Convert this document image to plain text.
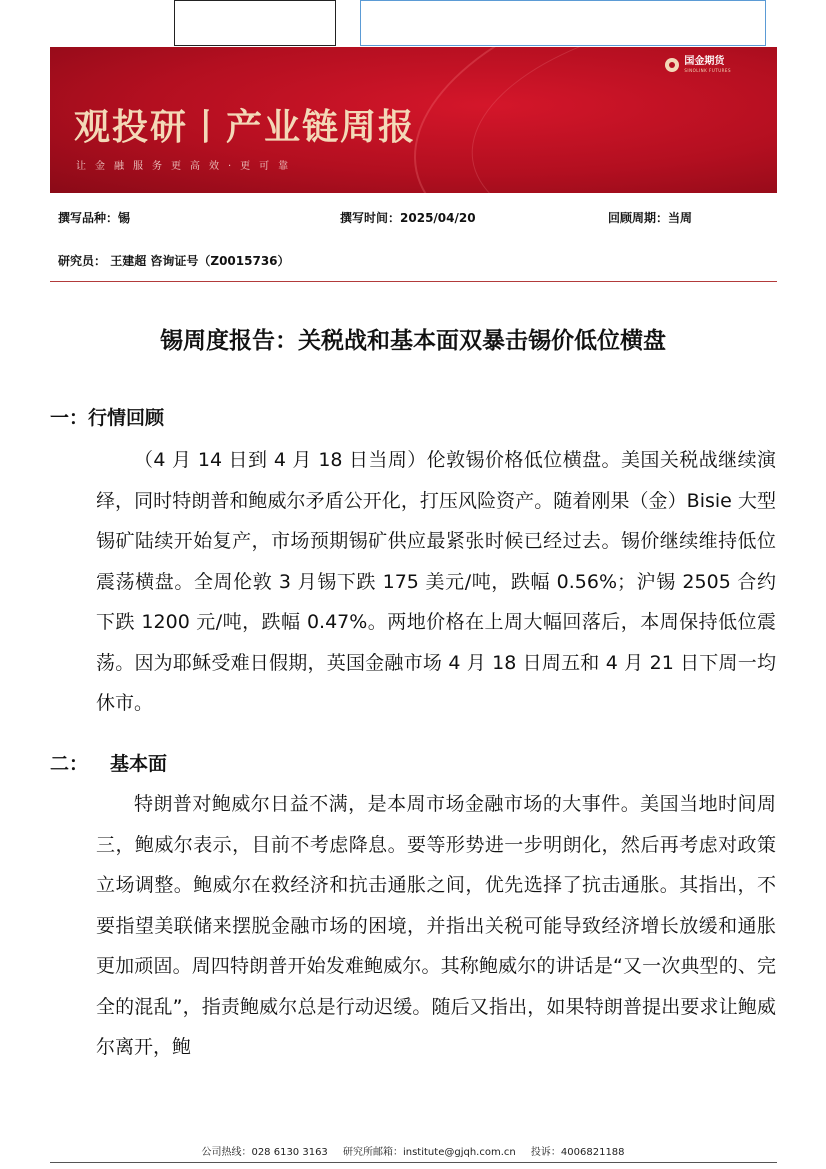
观投研丨产业链周报
让金融服务更高效·更可靠
国金期货
SINOLINK FUTURES
撰写品种：锡	撰写时间：2025/04/20	回顾周期：当周
研究员： 王建超 咨询证号（Z0015736）
锡周度报告：关税战和基本面双暴击锡价低位横盘
一：行情回顾

（4 月 14 日到 4 月 18 日当周）伦敦锡价格低位横盘。美国关税战继续演绎，同时特朗普和鲍威尔矛盾公开化，打压风险资产。随着刚果（金）Bisie 大型锡矿陆续开始复产，市场预期锡矿供应最紧张时候已经过去。锡价继续维持低位震荡横盘。全周伦敦 3 月锡下跌 175 美元/吨，跌幅 0.56%；沪锡 2505 合约下跌 1200 元/吨，跌幅 0.47%。两地价格在上周大幅回落后，本周保持低位震荡。因为耶稣受难日假期，英国金融市场 4 月 18 日周五和 4 月 21 日下周一均休市。

二： 基本面

特朗普对鲍威尔日益不满，是本周市场金融市场的大事件。美国当地时间周三，鲍威尔表示，目前不考虑降息。要等形势进一步明朗化，然后再考虑对政策立场调整。鲍威尔在救经济和抗击通胀之间，优先选择了抗击通胀。其指出，不要指望美联储来摆脱金融市场的困境，并指出关税可能导致经济增长放缓和通胀更加顽固。周四特朗普开始发难鲍威尔。其称鲍威尔的讲话是“又一次典型的、完全的混乱”，指责鲍威尔总是行动迟缓。随后又指出，如果特朗普提出要求让鲍威尔离开，鲍

公司热线：028 6130 3163 研究所邮箱：institute@gjqh.com.cn 投诉：4006821188
